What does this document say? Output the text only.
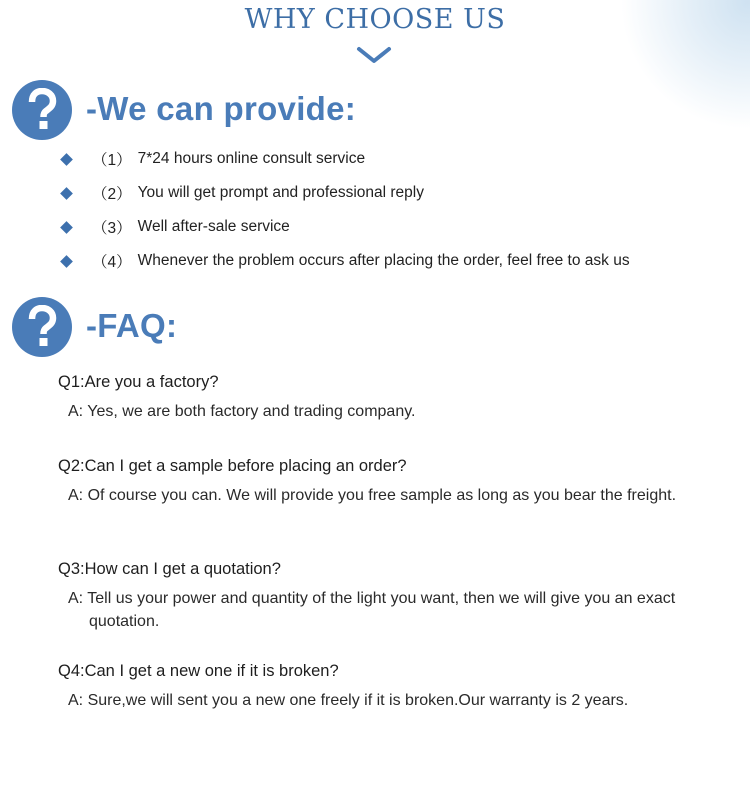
WHY CHOOSE US
-We can provide:
（1） 7*24 hours online consult service
（2） You will get prompt and professional reply
（3） Well after-sale service
（4） Whenever the problem occurs after placing the order, feel free to ask us
-FAQ:
Q1:Are you a factory?
A: Yes, we are both factory and trading company.
Q2:Can I get a sample before placing an order?
A: Of course you can. We will provide you free sample as long as you bear the freight.
Q3:How can I get a quotation?
A: Tell us your power and quantity of the light you want, then we will give you an exact quotation.
Q4:Can I get a new one if it is broken?
A: Sure,we will sent you a new one freely if it is broken.Our warranty is 2 years.
